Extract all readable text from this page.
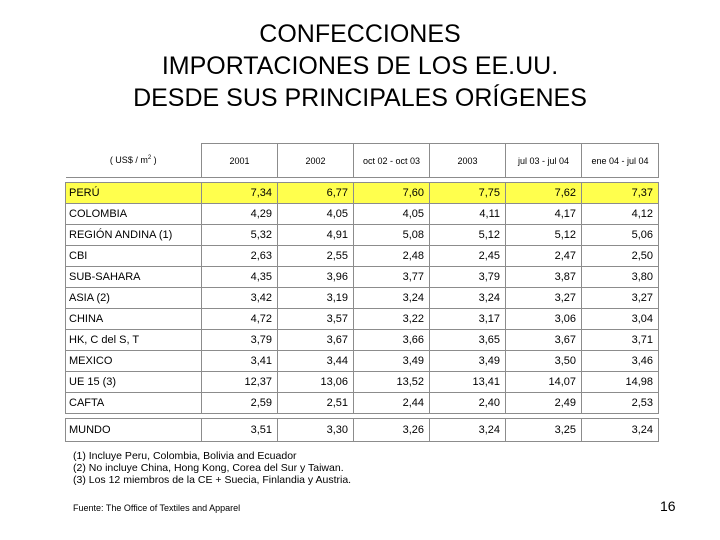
CONFECCIONES
IMPORTACIONES DE LOS EE.UU.
DESDE SUS PRINCIPALES ORÍGENES
( US$ / $m^2$ )	2001	2002	oct 02 - oct 03	2003	jul 03 - jul 04	ene 04 - jul 04

PERÚ	7,34	6,77	7,60	7,75	7,62	7,37
COLOMBIA	4,29	4,05	4,05	4,11	4,17	4,12
REGIÓN ANDINA (1)	5,32	4,91	5,08	5,12	5,12	5,06
CBI	2,63	2,55	2,48	2,45	2,47	2,50
SUB-SAHARA	4,35	3,96	3,77	3,79	3,87	3,80
ASIA (2)	3,42	3,19	3,24	3,24	3,27	3,27
CHINA	4,72	3,57	3,22	3,17	3,06	3,04
HK, C del S, T	3,79	3,67	3,66	3,65	3,67	3,71
MEXICO	3,41	3,44	3,49	3,49	3,50	3,46
UE 15 (3)	12,37	13,06	13,52	13,41	14,07	14,98
CAFTA	2,59	2,51	2,44	2,40	2,49	2,53

MUNDO	3,51	3,30	3,26	3,24	3,25	3,24
(1) Incluye Peru, Colombia, Bolivia and Ecuador
(2) No incluye China, Hong Kong, Corea del Sur y Taiwan.
(3) Los 12 miembros de la CE + Suecia, Finlandia y Austria.
Fuente: The Office of Textiles and Apparel	16
